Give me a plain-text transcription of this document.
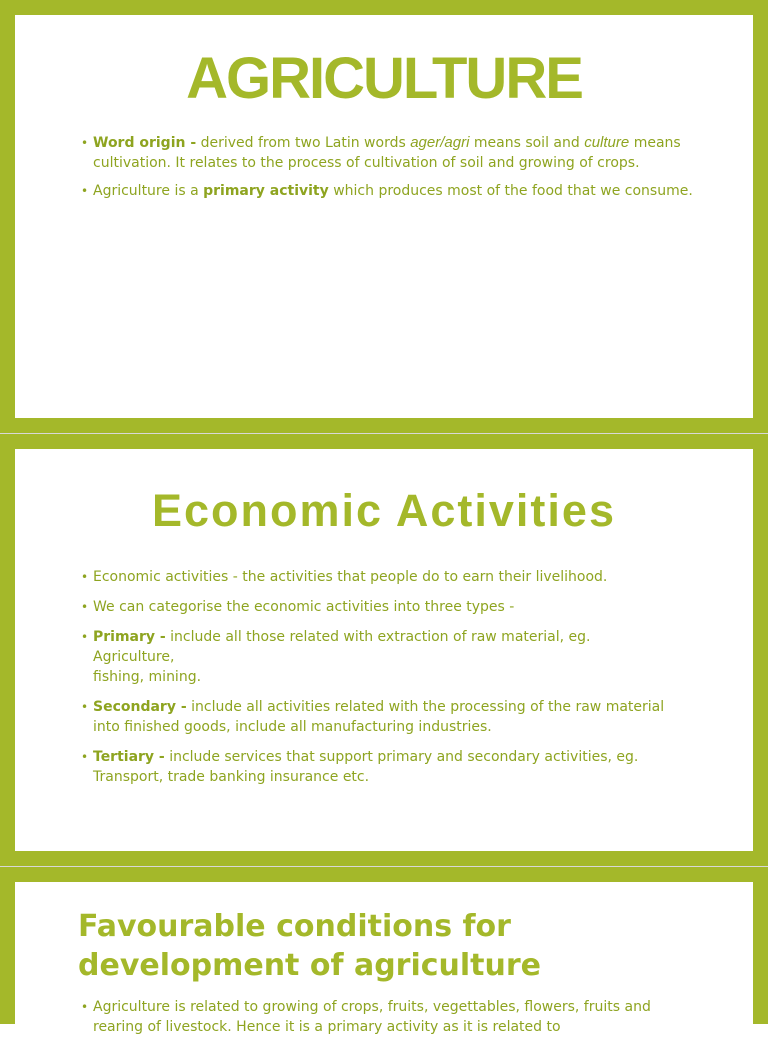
AGRICULTURE
• Word origin - derived from two Latin words ager/agri means soil and culture means cultivation. It relates to the process of cultivation of soil and growing of crops.
• Agriculture is a primary activity which produces most of the food that we consume.
Economic Activities
• Economic activities - the activities that people do to earn their livelihood.
• We can categorise the economic activities into three types -
• Primary - include all those related with extraction of raw material, eg.
Agriculture,
fishing, mining.
• Secondary - include all activities related with the processing of the raw material into finished goods, include all manufacturing industries.
• Tertiary - include services that support primary and secondary activities, eg. Transport, trade banking insurance etc.
Favourable conditions for development of agriculture
• Agriculture is related to growing of crops, fruits, vegettables, flowers, fruits and rearing of livestock. Hence it is a primary activity as it is related to
